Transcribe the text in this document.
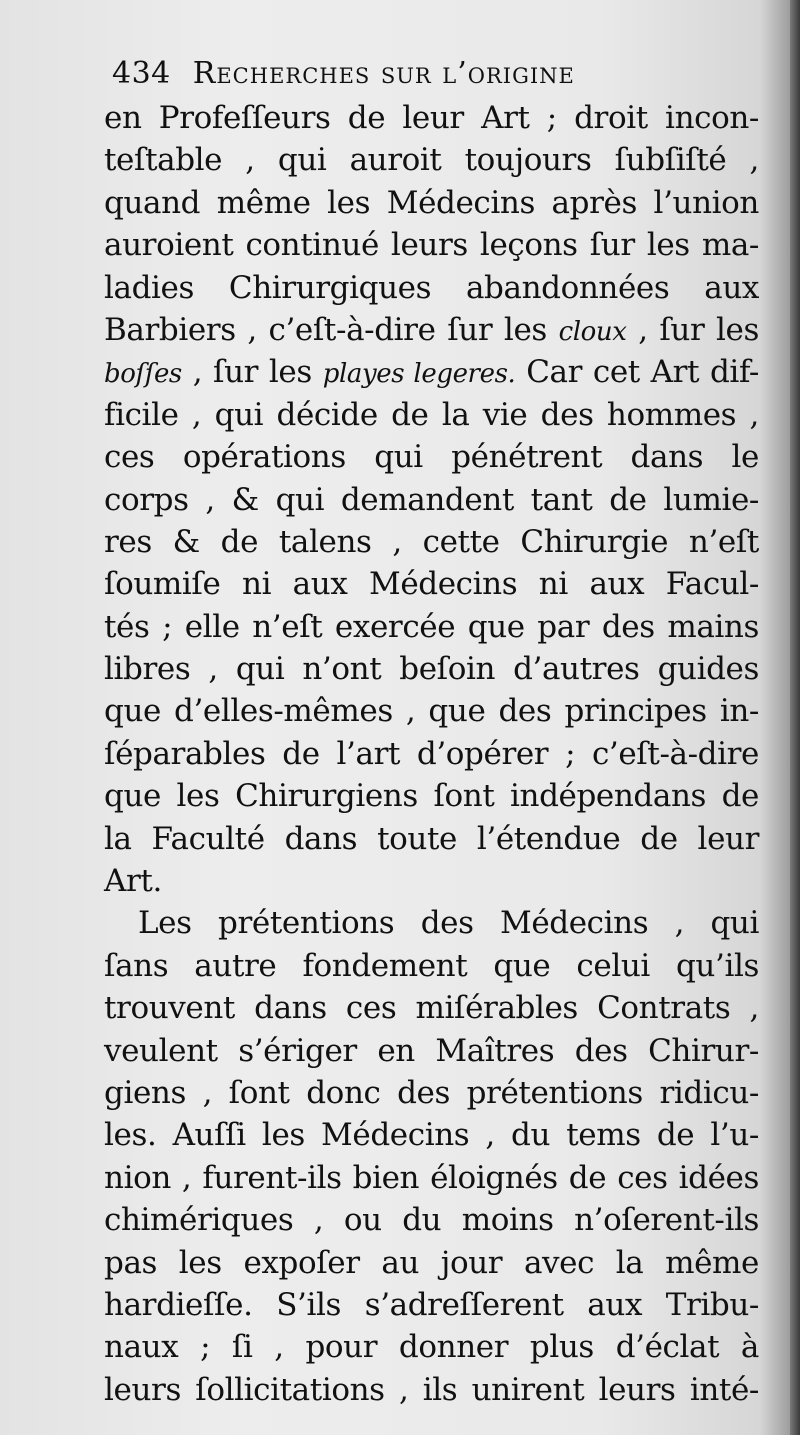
434 Recherches sur l’origine
en Profeſſeurs de leur Art ; droit incon-
teſtable , qui auroit toujours ſubſiſté ,
quand même les Médecins après l’union
auroient continué leurs leçons ſur les ma-
ladies Chirurgiques abandonnées aux
Barbiers , c’eſt-à-dire ſur les cloux , ſur les
boſſes , ſur les playes legeres. Car cet Art dif-
ficile , qui décide de la vie des hommes ,
ces opérations qui pénétrent dans le
corps , & qui demandent tant de lumie-
res & de talens , cette Chirurgie n’eſt
ſoumiſe ni aux Médecins ni aux Facul-
tés ; elle n’eſt exercée que par des mains
libres , qui n’ont beſoin d’autres guides
que d’elles-mêmes , que des principes in-
ſéparables de l’art d’opérer ; c’eſt-à-dire
que les Chirurgiens ſont indépendans de
la Faculté dans toute l’étendue de leur
Art.
Les prétentions des Médecins , qui
ſans autre fondement que celui qu’ils
trouvent dans ces miſérables Contrats ,
veulent s’ériger en Maîtres des Chirur-
giens , ſont donc des prétentions ridicu-
les. Auſſi les Médecins , du tems de l’u-
nion , furent-ils bien éloignés de ces idées
chimériques , ou du moins n’oſerent-ils
pas les expoſer au jour avec la même
hardieſſe. S’ils s’adreſſerent aux Tribu-
naux ; ſi , pour donner plus d’éclat à
leurs ſollicitations , ils unirent leurs inté-
